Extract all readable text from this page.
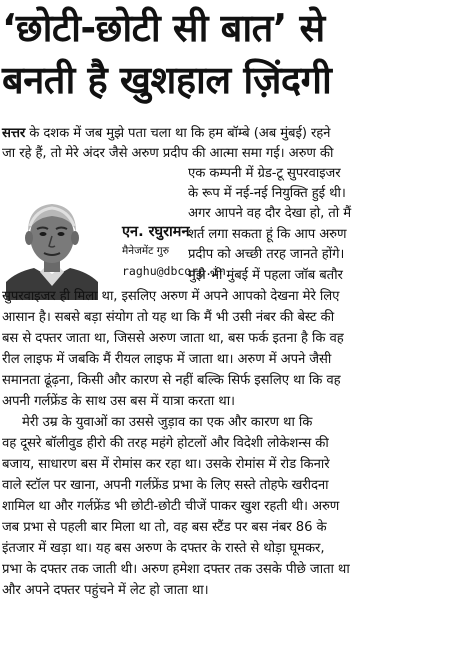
‘छोटी-छोटी सी बात’ से
बनती है खुशहाल ज़िंदगी
सत्तर के दशक में जब मुझे पता चला था कि हम बॉम्बे (अब मुंबई) रहने
जा रहे हैं, तो मेरे अंदर जैसे अरुण प्रदीप की आत्मा समा गई। अरुण की
एन. रघुरामन
मैनेजमेंट गुरु
raghu@dbcorp.in
एक कम्पनी में ग्रेड-टू सुपरवाइजर
के रूप में नई-नई नियुक्ति हुई थी।
अगर आपने वह दौर देखा हो, तो मैं
शर्त लगा सकता हूं कि आप अरुण
प्रदीप को अच्छी तरह जानते होंगे।
मुझे भी मुंबई में पहला जॉब बतौर
सुपरवाइजर ही मिला था, इसलिए अरुण में अपने आपको देखना मेरे लिए
आसान है। सबसे बड़ा संयोग तो यह था कि मैं भी उसी नंबर की बेस्ट की
बस से दफ्तर जाता था, जिससे अरुण जाता था, बस फर्क इतना है कि वह
रील लाइफ में जबकि मैं रीयल लाइफ में जाता था। अरुण में अपने जैसी
समानता ढूंढ़ना, किसी और कारण से नहीं बल्कि सिर्फ इसलिए था कि वह
अपनी गर्लफ्रेंड के साथ उस बस में यात्रा करता था।
मेरी उम्र के युवाओं का उससे जुड़ाव का एक और कारण था कि
वह दूसरे बॉलीवुड हीरो की तरह महंगे होटलों और विदेशी लोकेशन्स की
बजाय, साधारण बस में रोमांस कर रहा था। उसके रोमांस में रोड किनारे
वाले स्टॉल पर खाना, अपनी गर्लफ्रेंड प्रभा के लिए सस्ते तोहफे खरीदना
शामिल था और गर्लफ्रेंड भी छोटी-छोटी चीजें पाकर खुश रहती थी। अरुण
जब प्रभा से पहली बार मिला था तो, वह बस स्टैंड पर बस नंबर 86 के
इंतजार में खड़ा था। यह बस अरुण के दफ्तर के रास्ते से थोड़ा घूमकर,
प्रभा के दफ्तर तक जाती थी। अरुण हमेशा दफ्तर तक उसके पीछे जाता था
और अपने दफ्तर पहुंचने में लेट हो जाता था।
